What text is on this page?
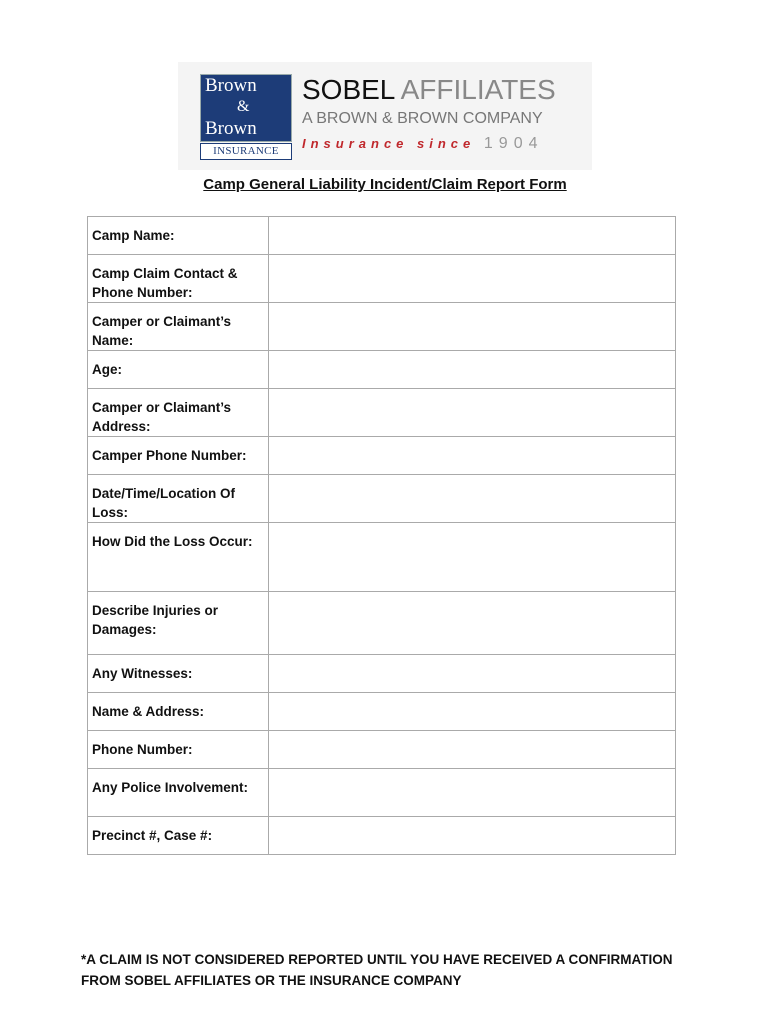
Brown
&
Brown
INSURANCE
SOBEL AFFILIATES
A BROWN & BROWN COMPANY
Insurance since 1904
Camp General Liability Incident/Claim Report Form
Camp Name:	
Camp Claim Contact & Phone Number:	
Camper or Claimant’s Name:	
Age:	
Camper or Claimant’s Address:	
Camper Phone Number:	
Date/Time/Location Of Loss:	
How Did the Loss Occur:	
Describe Injuries or Damages:	
Any Witnesses:	
Name & Address:	
Phone Number:	
Any Police Involvement:	
Precinct #, Case #:	
*A CLAIM IS NOT CONSIDERED REPORTED UNTIL YOU HAVE RECEIVED A CONFIRMATION
FROM SOBEL AFFILIATES OR THE INSURANCE COMPANY
